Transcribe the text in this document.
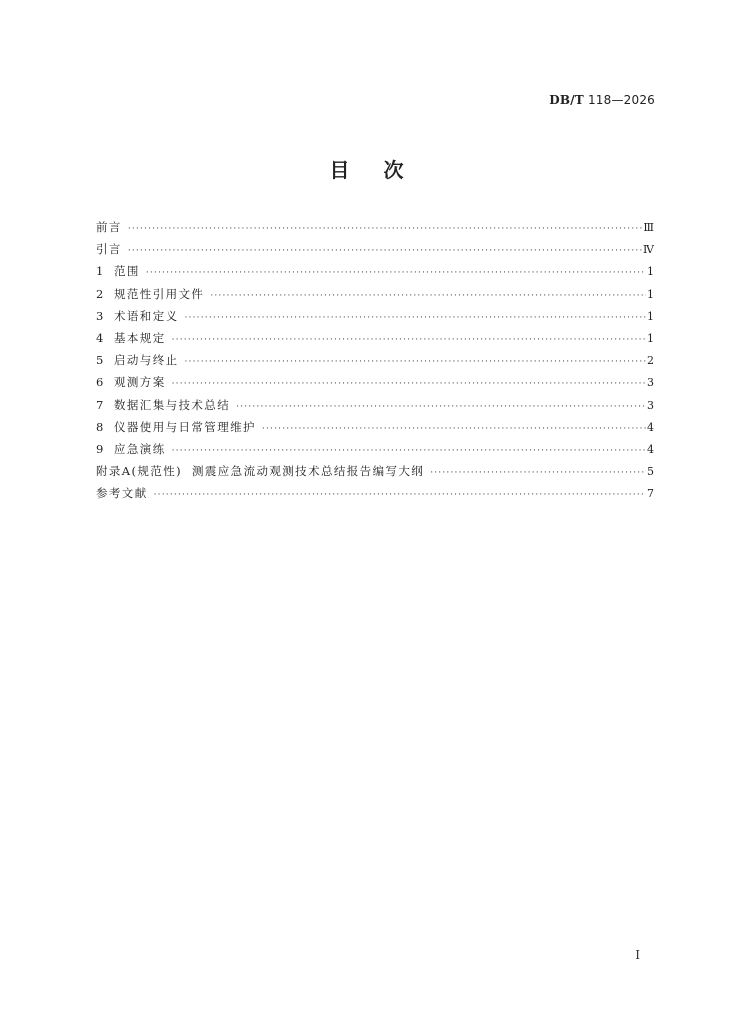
DB/T 118—2026
目次
前言 ·····	Ⅲ
引言 ·····	Ⅳ
1 范围 ·····	1
2 规范性引用文件 ·····	1
3 术语和定义 ·····	1
4 基本规定 ·····	1
5 启动与终止 ·····	2
6 观测方案 ·····	3
7 数据汇集与技术总结 ·····	3
8 仪器使用与日常管理维护 ·····	4
9 应急演练 ·····	4
附录A(规范性) 测震应急流动观测技术总结报告编写大纲 ·····	5
参考文献 ·····	7
Ⅰ
